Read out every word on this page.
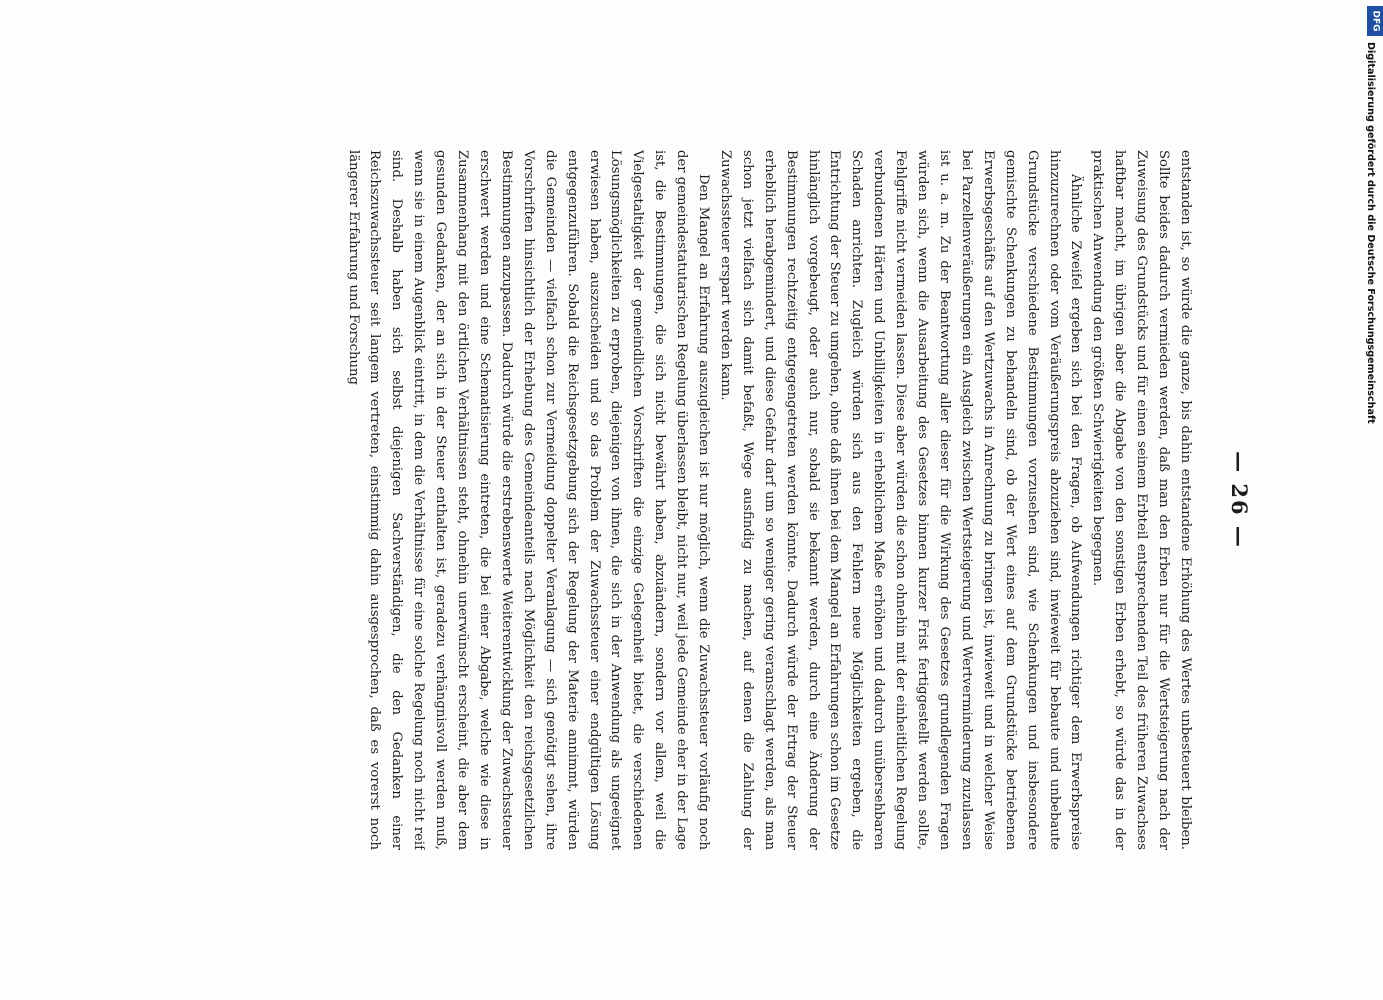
— 26 —

entstanden ist, so würde die ganze, bis dahin entstandene Erhöhung des Wertes unbesteuert bleiben. Sollte beides dadurch vermieden werden, daß man den Erben nur für die Wertsteigerung nach der Zuweisung des Grundstücks und für einen seinem Erbteil entsprechenden Teil des früheren Zuwachses haftbar macht, im übrigen aber die Abgabe von den sonstigen Erben erhebt, so würde das in der praktischen Anwendung den größten Schwierigkeiten begegnen.

Ähnliche Zweifel ergeben sich bei den Fragen, ob Aufwendungen richtiger dem Erwerbspreise hinzuzurechnen oder vom Veräußerungspreis abzuziehen sind, inwieweit für bebaute und unbebaute Grundstücke verschiedene Bestimmungen vorzusehen sind, wie Schenkungen und insbesondere gemischte Schenkungen zu behandeln sind, ob der Wert eines auf dem Grundstücke betriebenen Erwerbsgeschäfts auf den Wertzuwachs in Anrechnung zu bringen ist, inwieweit und in welcher Weise bei Parzellenveräußerungen ein Ausgleich zwischen Wertsteigerung und Wertverminderung zuzulassen ist u. a. m. Zu der Beantwortung aller dieser für die Wirkung des Gesetzes grundlegenden Fragen würden sich, wenn die Ausarbeitung des Gesetzes binnen kurzer Frist fertiggestellt werden sollte, Fehlgriffe nicht vermeiden lassen. Diese aber würden die schon ohnehin mit der einheitlichen Regelung verbundenen Härten und Unbilligkeiten in erheblichem Maße erhöhen und dadurch unübersehbaren Schaden anrichten. Zugleich würden sich aus den Fehlern neue Möglichkeiten ergeben, die Entrichtung der Steuer zu umgehen, ohne daß ihnen bei dem Mangel an Erfahrungen schon im Gesetze hinlänglich vorgebeugt, oder auch nur, sobald sie bekannt werden, durch eine Änderung der Bestimmungen rechtzeitig entgegengetreten werden könnte. Dadurch würde der Ertrag der Steuer erheblich herabgemindert, und diese Gefahr darf um so weniger gering veranschlagt werden, als man schon jetzt vielfach sich damit befaßt, Wege ausfindig zu machen, auf denen die Zahlung der Zuwachssteuer erspart werden kann.

Den Mangel an Erfahrung auszugleichen ist nur möglich, wenn die Zuwachssteuer vorläufig noch der gemeindestatutarischen Regelung überlassen bleibt, nicht nur, weil jede Gemeinde eher in der Lage ist, die Bestimmungen, die sich nicht bewährt haben, abzuändern, sondern vor allem, weil die Vielgestaltigkeit der gemeindlichen Vorschriften die einzige Gelegenheit bietet, die verschiedenen Lösungsmöglichkeiten zu erproben, diejenigen von ihnen, die sich in der Anwendung als ungeeignet erwiesen haben, auszuscheiden und so das Problem der Zuwachssteuer einer endgültigen Lösung entgegenzuführen. Sobald die Reichsgesetzgebung sich der Regelung der Materie annimmt, würden die Gemeinden — vielfach schon zur Vermeidung doppelter Veranlagung — sich genötigt sehen, ihre Vorschriften hinsichtlich der Erhebung des Gemeindeanteils nach Möglichkeit den reichsgesetzlichen Bestimmungen anzupassen. Dadurch würde die erstrebenswerte Weiterentwicklung der Zuwachssteuer erschwert werden und eine Schematisierung eintreten, die bei einer Abgabe, welche wie diese in Zusammenhang mit den örtlichen Verhältnissen steht, ohnehin unerwünscht erscheint, die aber dem gesunden Gedanken, der an sich in der Steuer enthalten ist, geradezu verhängnisvoll werden muß, wenn sie in einem Augenblick eintritt, in dem die Verhältnisse für eine solche Regelung noch nicht reif sind. Deshalb haben sich selbst diejenigen Sachverständigen, die den Gedanken einer Reichszuwachssteuer seit langem vertreten, einstimmig dahin ausgesprochen, daß es vorerst noch längerer Erfahrung und Forschung

DFG
Digitalisierung gefördert durch die Deutsche Forschungsgemeinschaft
